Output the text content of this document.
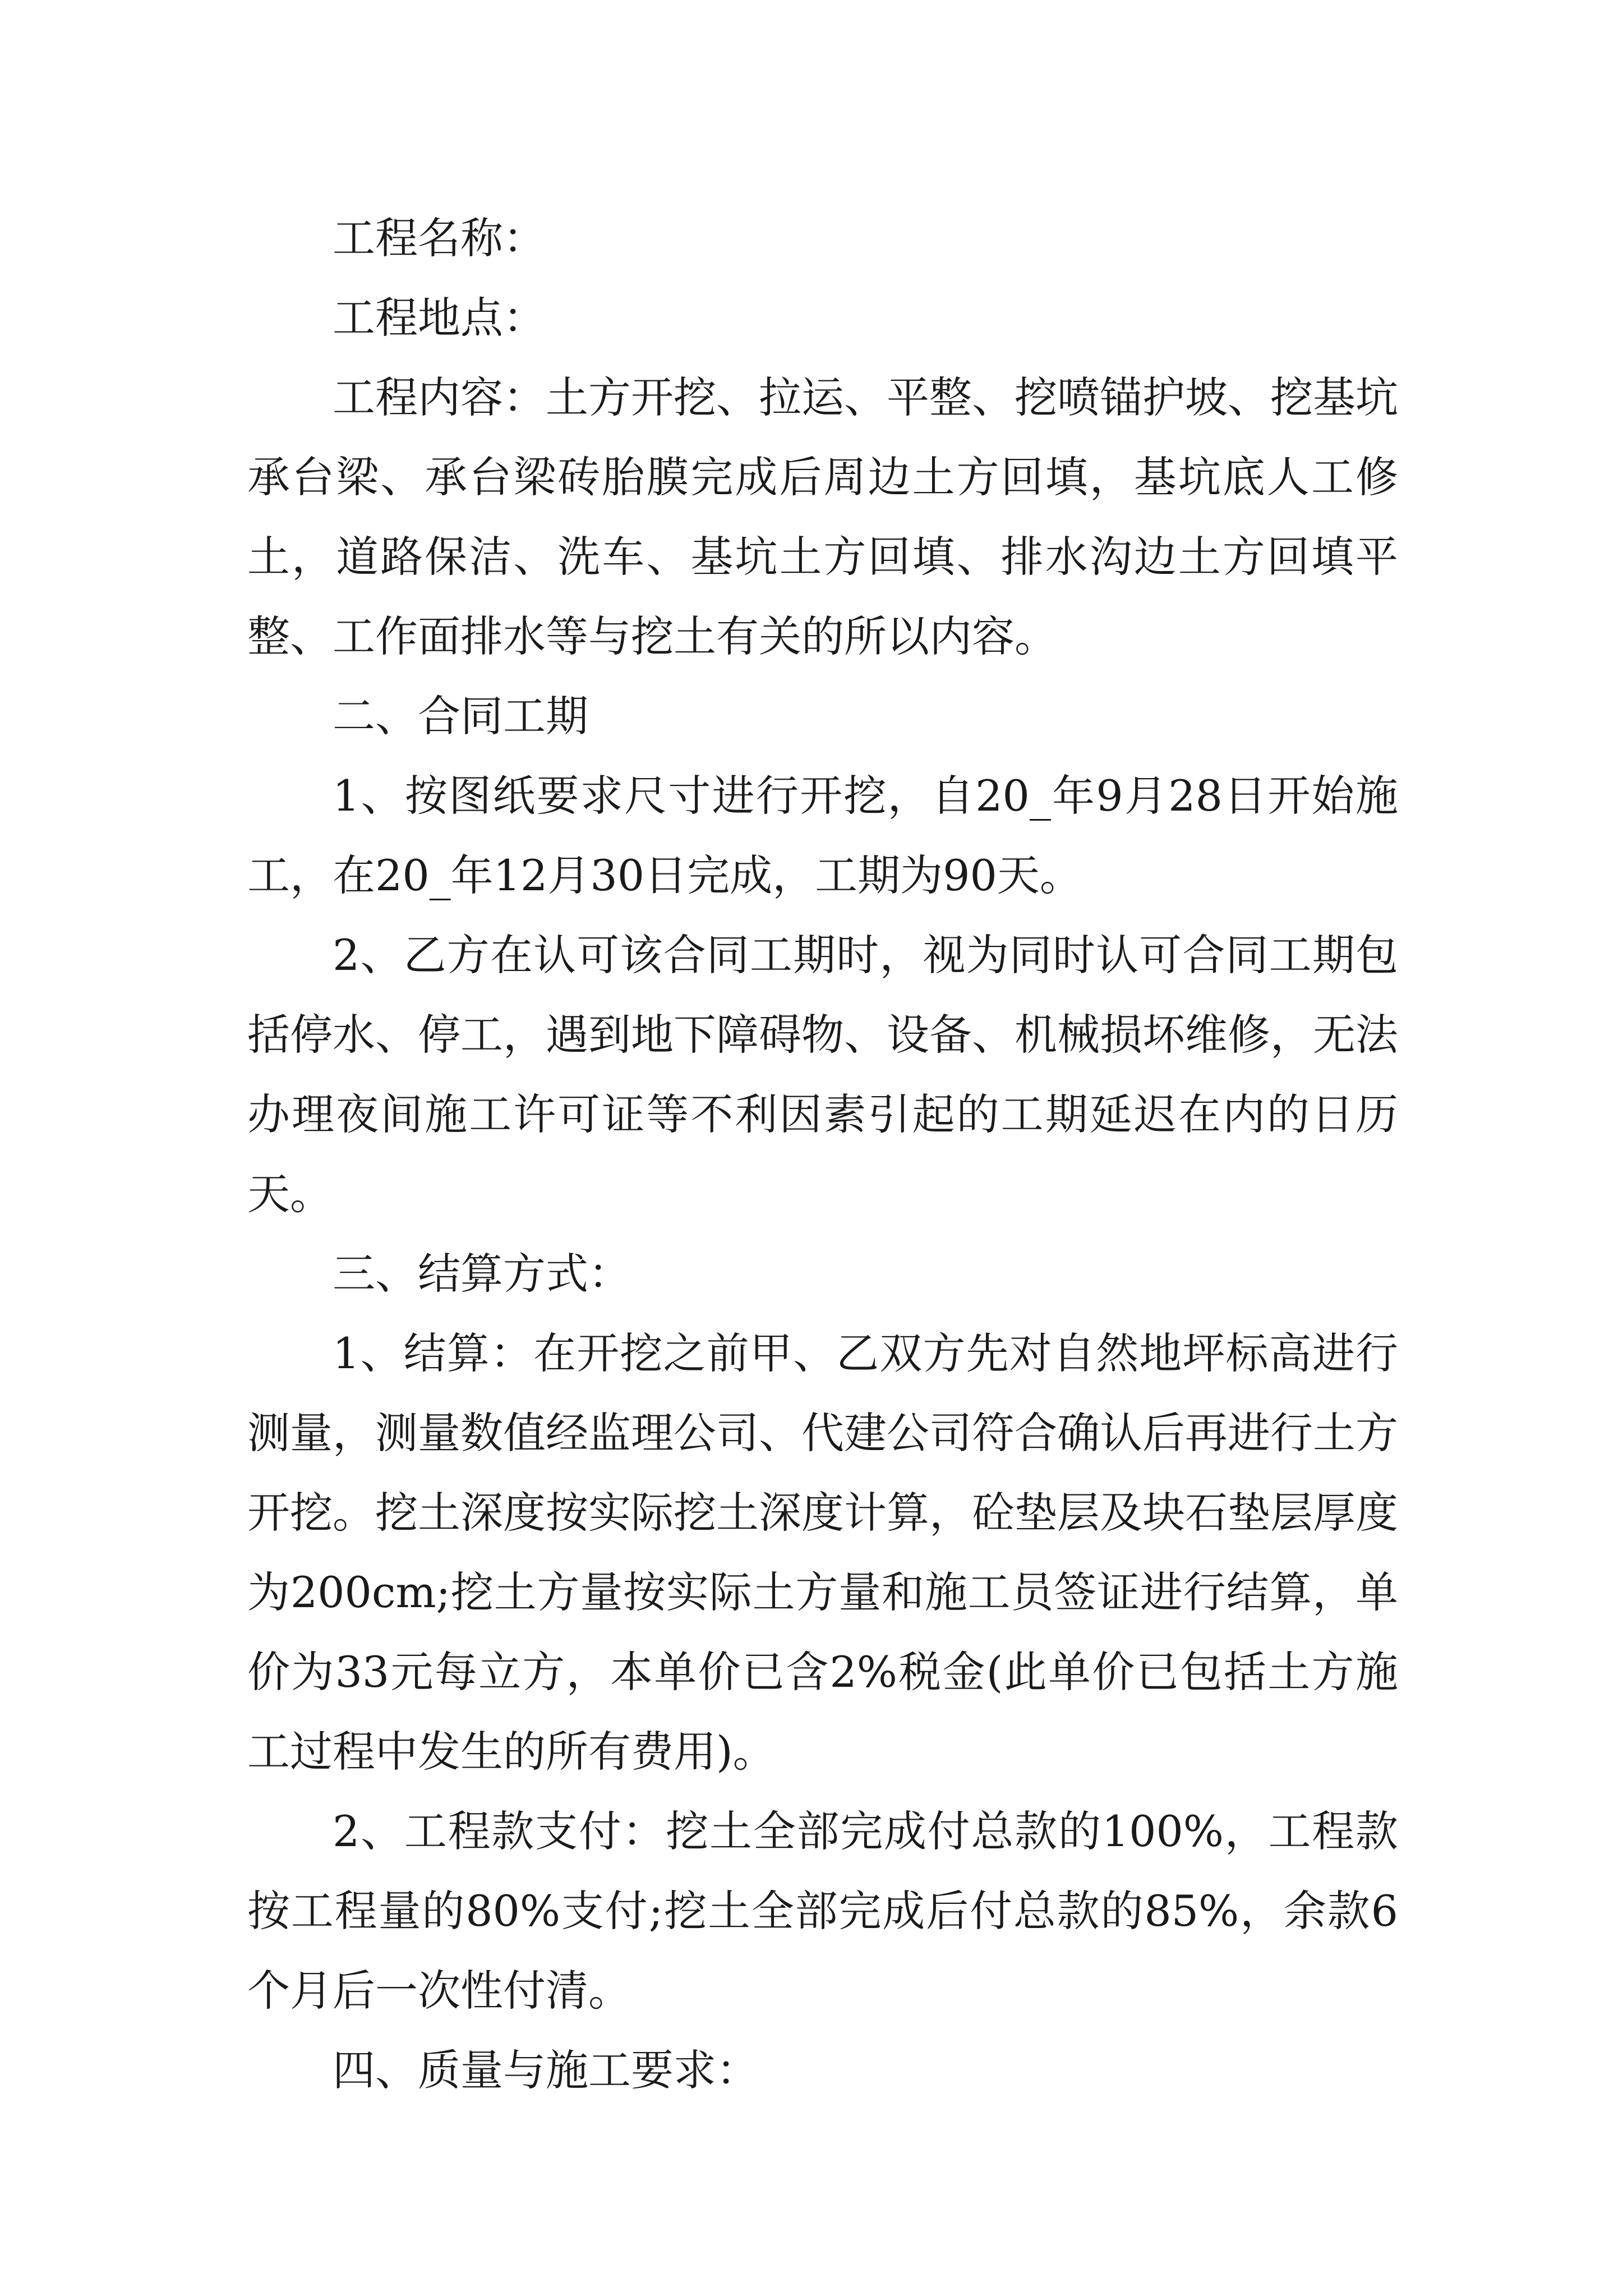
工程名称：

工程地点：

工程内容：土方开挖、拉运、平整、挖喷锚护坡、挖基坑承台梁、承台梁砖胎膜完成后周边土方回填，基坑底人工修土，道路保洁、洗车、基坑土方回填、排水沟边土方回填平整、工作面排水等与挖土有关的所以内容。

二、合同工期

1、按图纸要求尺寸进行开挖，自20_年9月28日开始施工，在20_年12月30日完成，工期为90天。

2、乙方在认可该合同工期时，视为同时认可合同工期包括停水、停工，遇到地下障碍物、设备、机械损坏维修，无法办理夜间施工许可证等不利因素引起的工期延迟在内的日历天。

三、结算方式：

1、结算：在开挖之前甲、乙双方先对自然地坪标高进行测量，测量数值经监理公司、代建公司符合确认后再进行土方开挖。挖土深度按实际挖土深度计算，砼垫层及块石垫层厚度为200cm;挖土方量按实际土方量和施工员签证进行结算，单价为33元每立方，本单价已含2%税金(此单价已包括土方施工过程中发生的所有费用)。

2、工程款支付：挖土全部完成付总款的100%，工程款按工程量的80%支付;挖土全部完成后付总款的85%，余款6个月后一次性付清。

四、质量与施工要求：
